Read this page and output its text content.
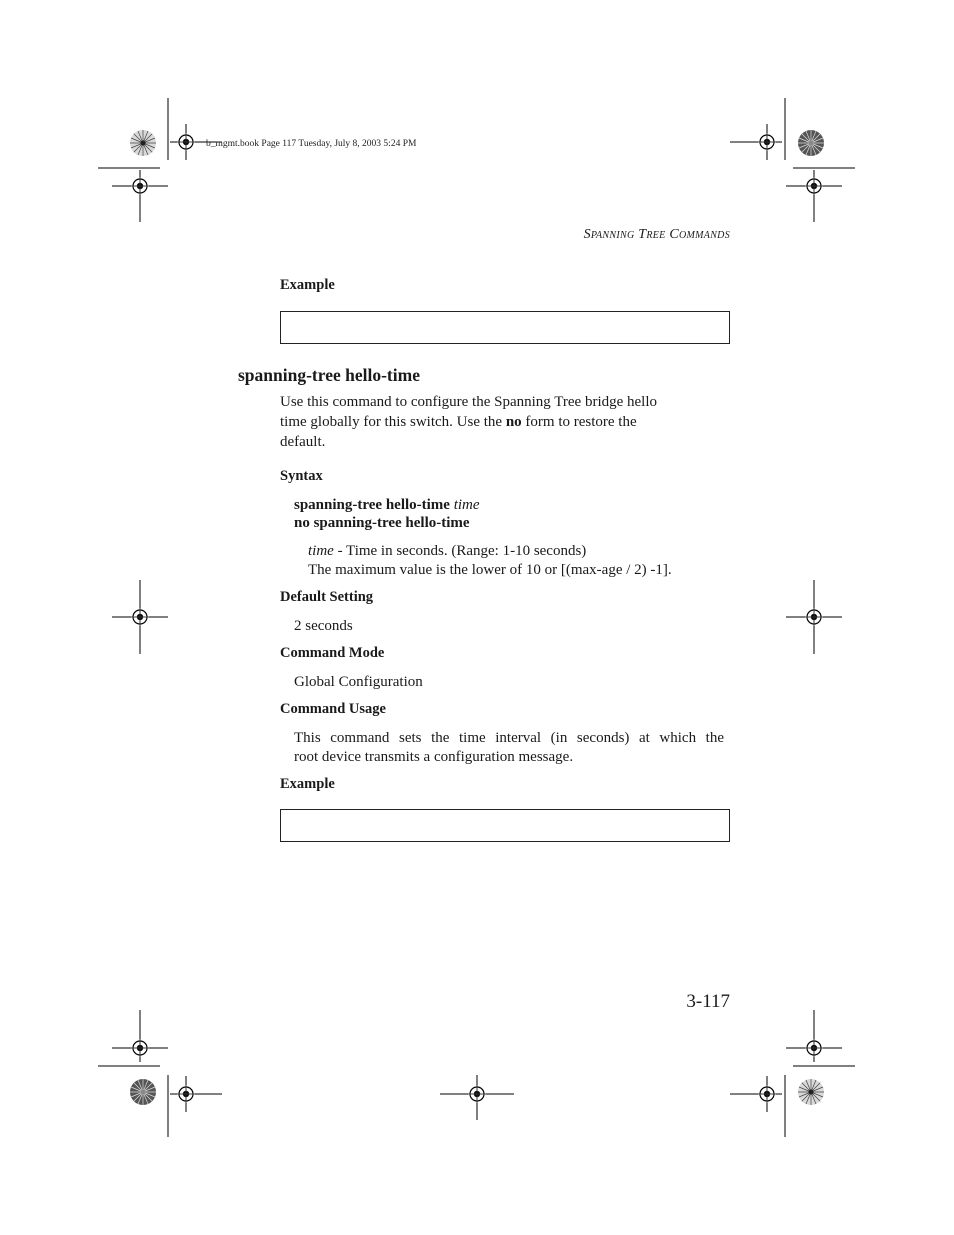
b_mgmt.book Page 117 Tuesday, July 8, 2003 5:24 PM
Spanning Tree Commands
Example
spanning-tree hello-time
Use this command to configure the Spanning Tree bridge hello
time globally for this switch. Use the no form to restore the
default.
Syntax
spanning-tree hello-time time
no spanning-tree hello-time
time - Time in seconds. (Range: 1-10 seconds)
The maximum value is the lower of 10 or [(max-age / 2) -1].
Default Setting
2 seconds
Command Mode
Global Configuration
Command Usage
This command sets the time interval (in seconds) at which the
root device transmits a configuration message.
Example
3-117
